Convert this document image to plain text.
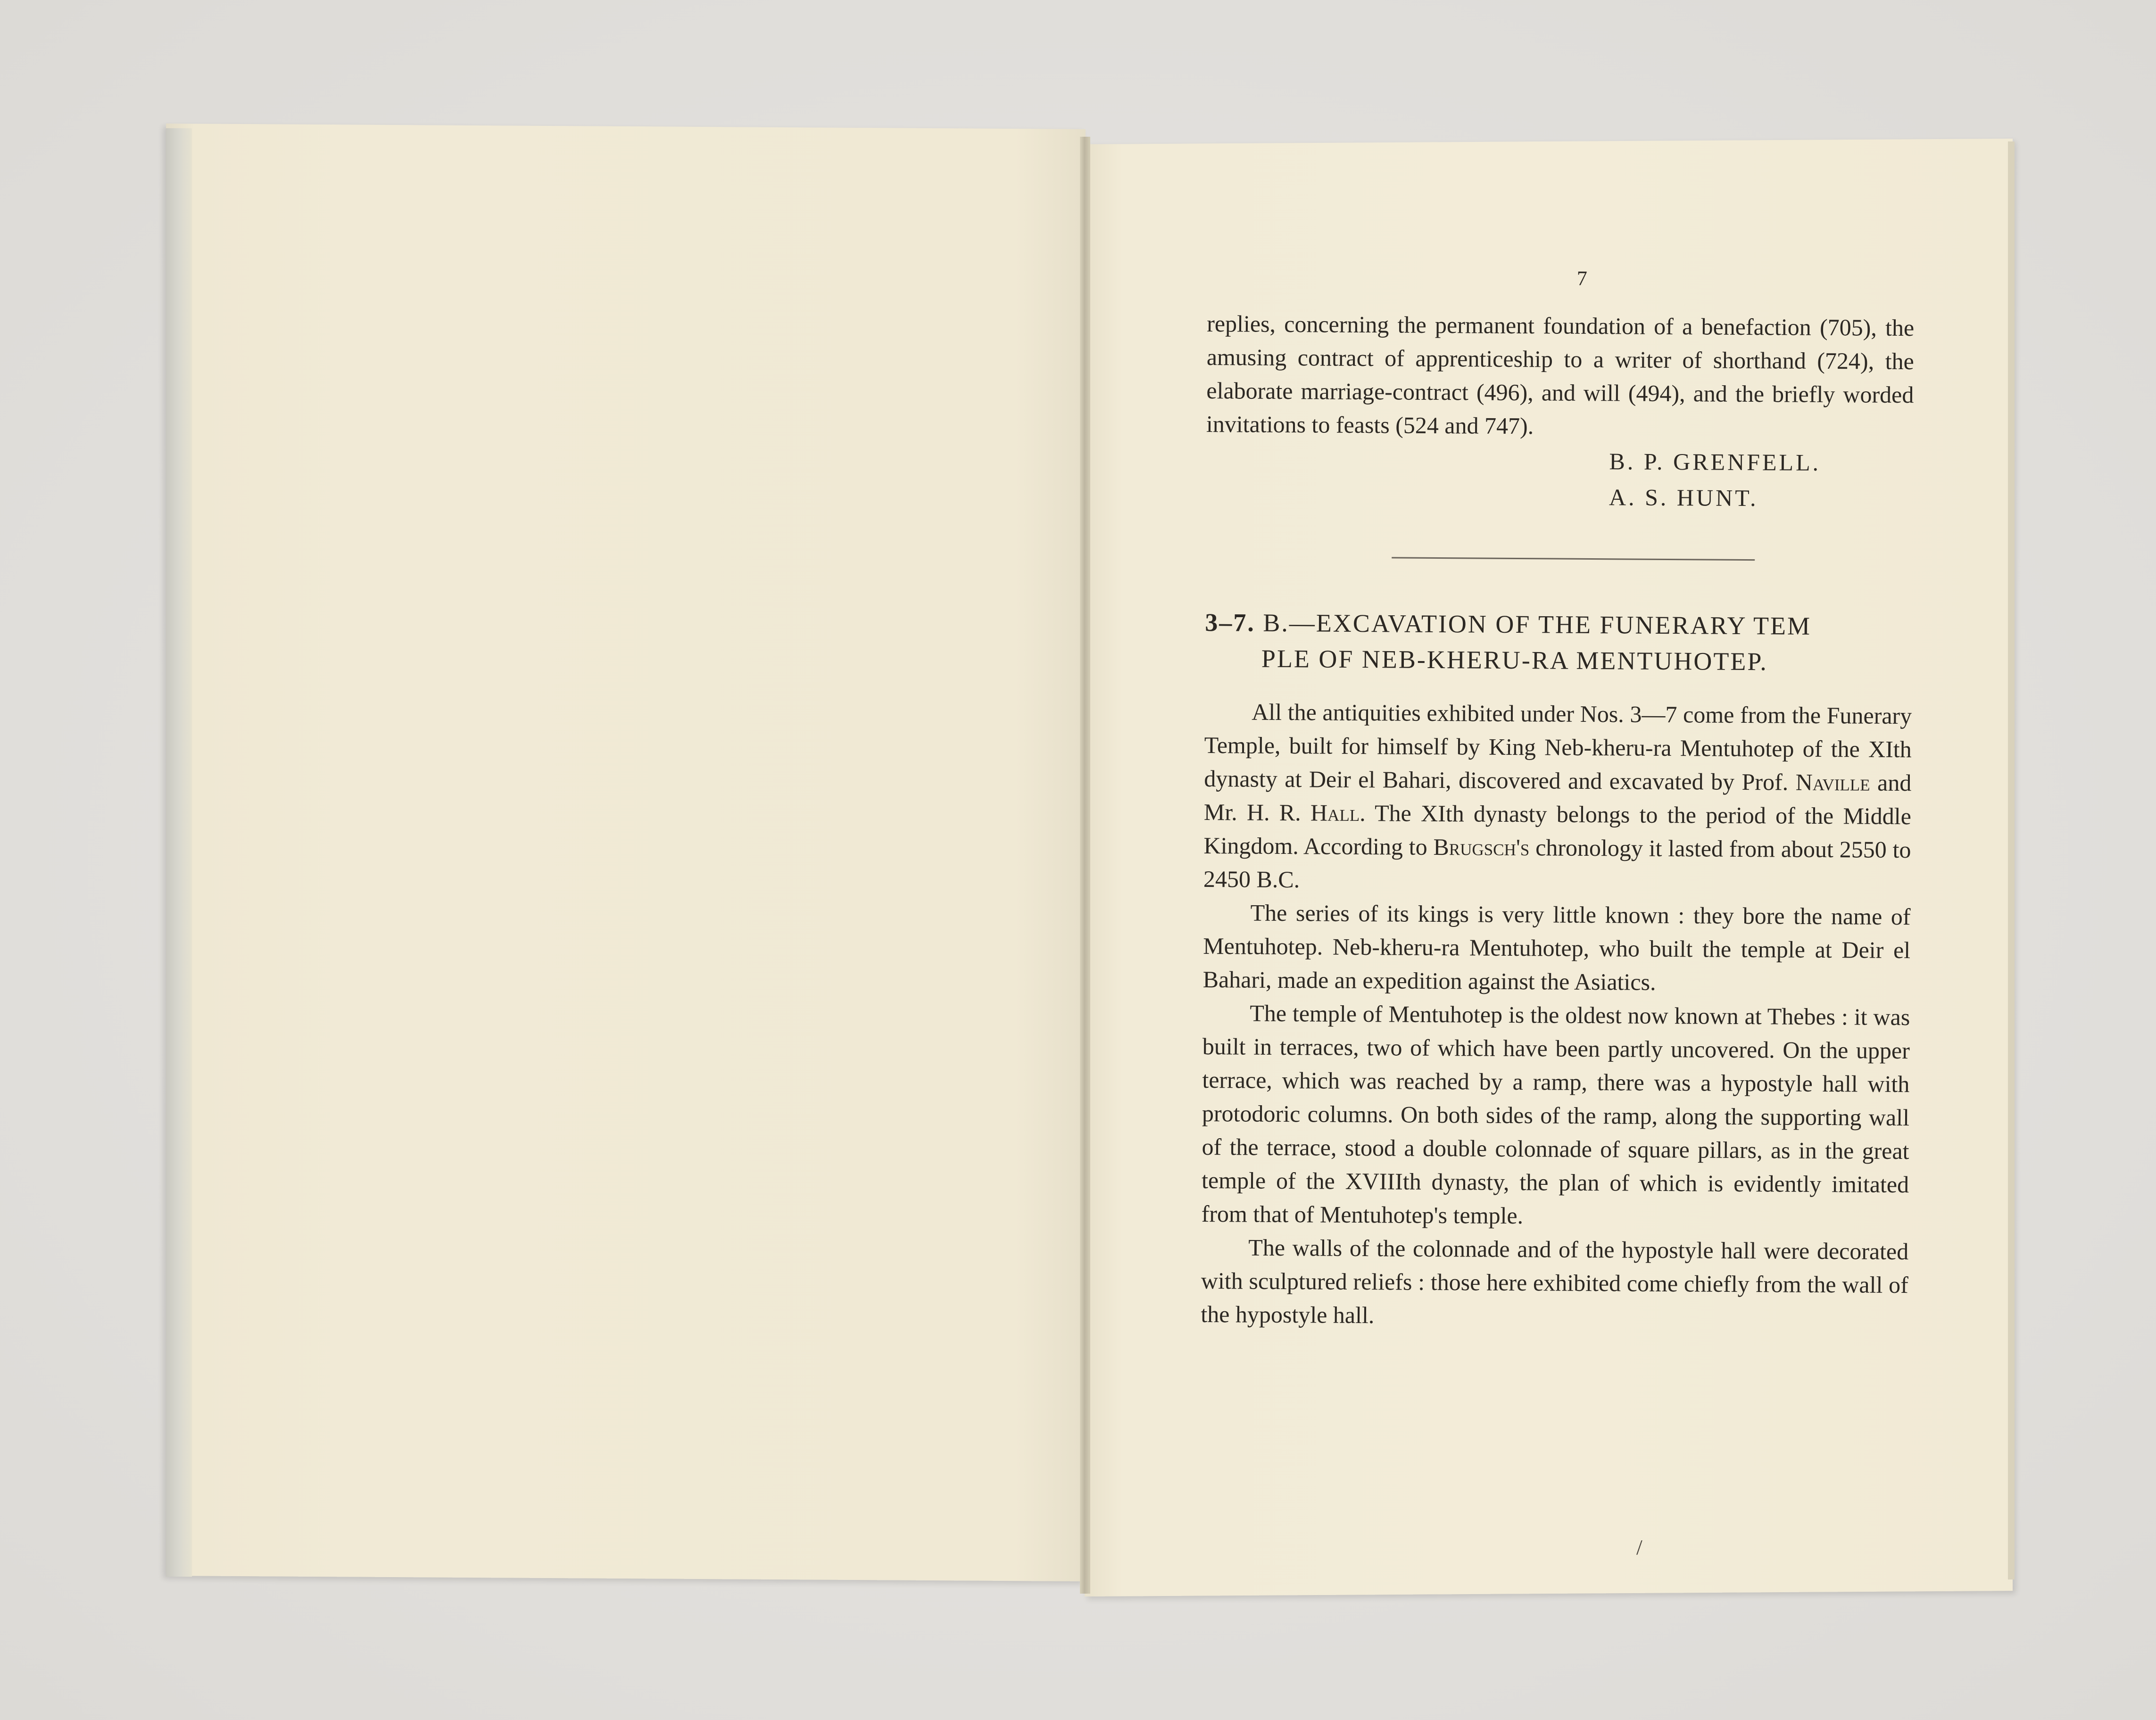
7

replies, concerning the permanent foundation of a benefaction (705), the amusing contract of apprenticeship to a writer of shorthand (724), the elaborate marriage-contract (496), and will (494), and the briefly worded invitations to feasts (524 and 747).

B. P. GRENFELL.
A. S. HUNT.
3–7. B.—EXCAVATION OF THE FUNERARY TEM
PLE OF NEB-KHERU-RA MENTUHOTEP.

All the antiquities exhibited under Nos. 3—7 come from the Funerary Temple, built for himself by King Neb-kheru-ra Mentuhotep of the XIth dynasty at Deir el Bahari, discovered and excavated by Prof. Naville and Mr. H. R. Hall. The XIth dynasty belongs to the period of the Middle Kingdom. According to Brugsch's chronology it lasted from about 2550 to 2450 B.C.

The series of its kings is very little known : they bore the name of Mentuhotep. Neb-kheru-ra Mentuhotep, who built the temple at Deir el Bahari, made an expedition against the Asiatics.

The temple of Mentuhotep is the oldest now known at Thebes : it was built in terraces, two of which have been partly uncovered. On the upper terrace, which was reached by a ramp, there was a hypostyle hall with protodoric columns. On both sides of the ramp, along the supporting wall of the terrace, stood a double colonnade of square pillars, as in the great temple of the XVIIIth dynasty, the plan of which is evidently imitated from that of Mentuhotep's temple.

The walls of the colonnade and of the hypostyle hall were decorated with sculptured reliefs : those here exhibited come chiefly from the wall of the hypostyle hall.

/
